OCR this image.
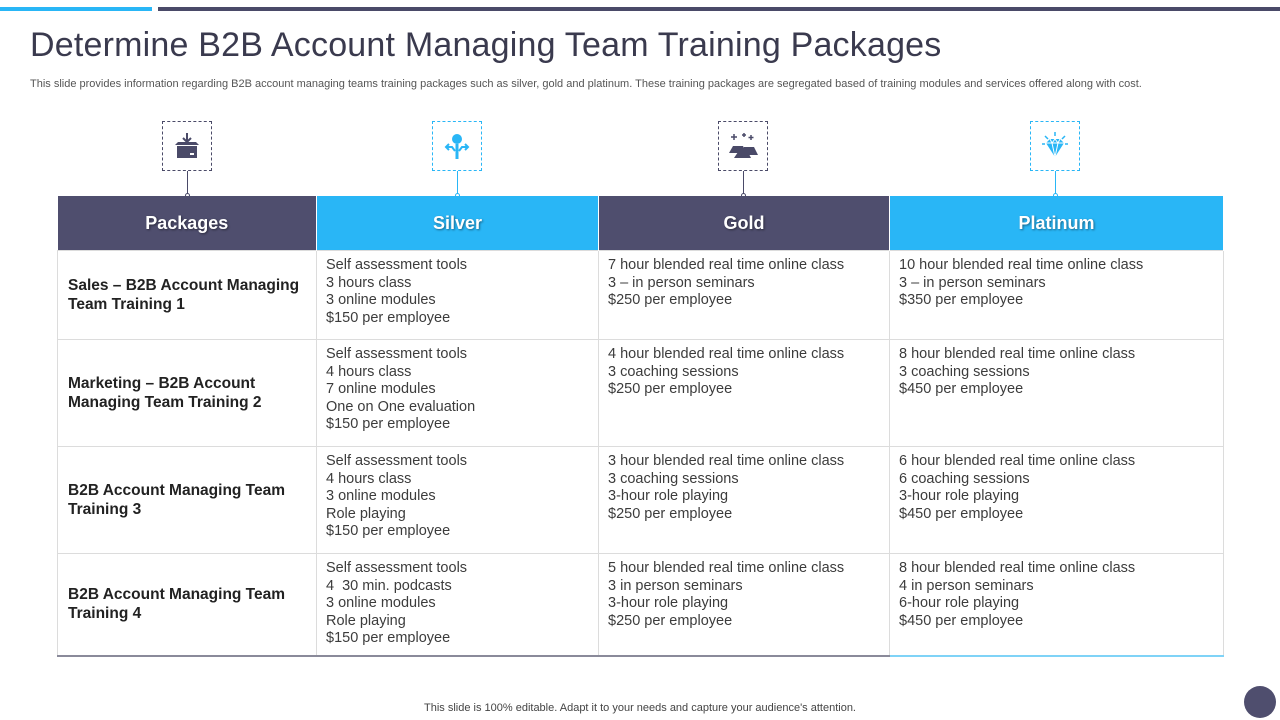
Determine B2B Account Managing Team Training Packages

This slide provides information regarding B2B account managing teams training packages such as silver, gold and platinum. These training packages are segregated based of training modules and services offered along with cost.

Packages	Silver	Gold	Platinum
Sales – B2B Account Managing Team Training 1	Self assessment tools
3 hours class
3 online modules
$150 per employee	7 hour blended real time online class
3 – in person seminars
$250 per employee	10 hour blended real time online class
3 – in person seminars
$350 per employee

Marketing – B2B Account Managing Team Training 2	Self assessment tools
4 hours class
7 online modules
One on One evaluation
$150 per employee	4 hour blended real time online class
3 coaching sessions
$250 per employee	8 hour blended real time online class
3 coaching sessions
$450 per employee

B2B Account Managing Team Training 3	Self assessment tools
4 hours class
3 online modules
Role playing
$150 per employee	3 hour blended real time online class
3 coaching sessions
3-hour role playing
$250 per employee	6 hour blended real time online class
6 coaching sessions
3-hour role playing
$450 per employee

B2B Account Managing Team Training 4	Self assessment tools
4  30 min. podcasts
3 online modules
Role playing
$150 per employee	5 hour blended real time online class
3 in person seminars
3-hour role playing
$250 per employee	8 hour blended real time online class
4 in person seminars
6-hour role playing
$450 per employee
This slide is 100% editable. Adapt it to your needs and capture your audience's attention.
